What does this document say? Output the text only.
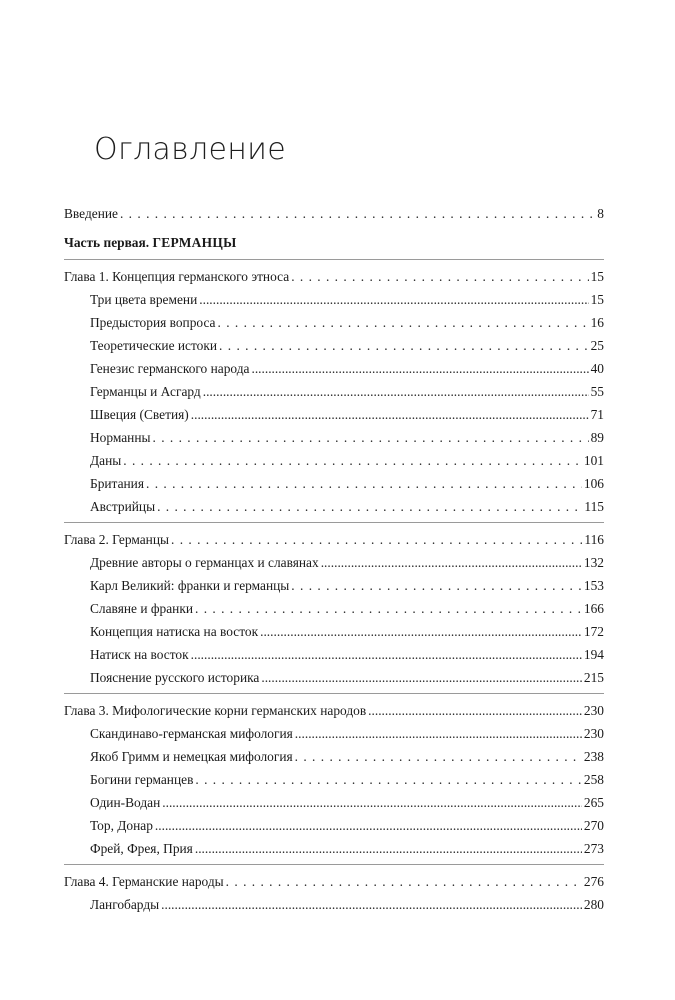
Оглавление
Введение . . .	8
Часть первая. ГЕРМАНЦЫ
Глава 1. Концепция германского этноса . . .	15
Три цвета времени .....	15
Предыстория вопроса . . .	16
Теоретические истоки . . .	25
Генезис германского народа .....	40
Германцы и Асгард .....	55
Швеция (Светия) .....	71
Норманны . . .	89
Даны . . .	101
Британия . . .	106
Австрийцы . . .	115
Глава 2. Германцы . . .	116
Древние авторы о германцах и славянах .....	132
Карл Великий: франки и германцы . . .	153
Славяне и франки . . .	166
Концепция натиска на восток .....	172
Натиск на восток .....	194
Пояснение русского историка .....	215
Глава 3. Мифологические корни германских народов .....	230
Скандинаво-германская мифология .....	230
Якоб Гримм и немецкая мифология . . .	238
Богини германцев . . .	258
Один-Водан .....	265
Тор, Донар .....	270
Фрей, Фрея, Прия .....	273
Глава 4. Германские народы . . .	276
Лангобарды .....	280
